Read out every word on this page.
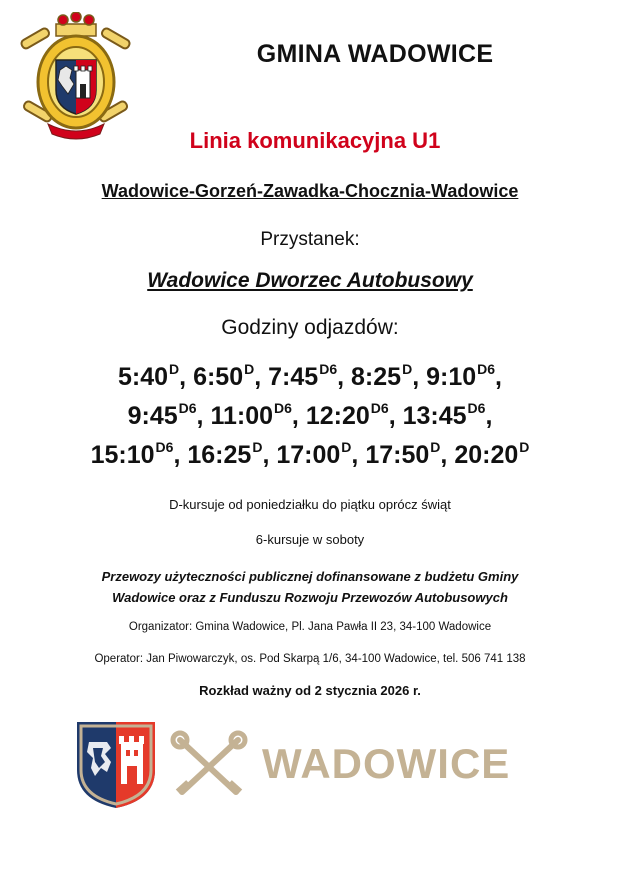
GMINA WADOWICE
Linia komunikacyjna U1
Wadowice-Gorzeń-Zawadka-Chocznia-Wadowice
Przystanek:
Wadowice Dworzec Autobusowy
Godziny odjazdów:
$5:40^D$, $6:50^D$, $7:45^{D6}$, $8:25^D$, $9:10^{D6}$,
$9:45^{D6}$, $11:00^{D6}$, $12:20^{D6}$, $13:45^{D6}$,
$15:10^{D6}$, $16:25^D$, $17:00^D$, $17:50^D$, $20:20^D$
D-kursuje od poniedziałku do piątku oprócz świąt
6-kursuje w soboty
Przewozy użyteczności publicznej dofinansowane z budżetu Gminy
Wadowice oraz z Funduszu Rozwoju Przewozów Autobusowych
Organizator: Gmina Wadowice, Pl. Jana Pawła II 23, 34-100 Wadowice
Operator: Jan Piwowarczyk, os. Pod Skarpą 1/6, 34-100 Wadowice, tel. 506 741 138
Rozkład ważny od 2 stycznia 2026 r.
WADOWICE
